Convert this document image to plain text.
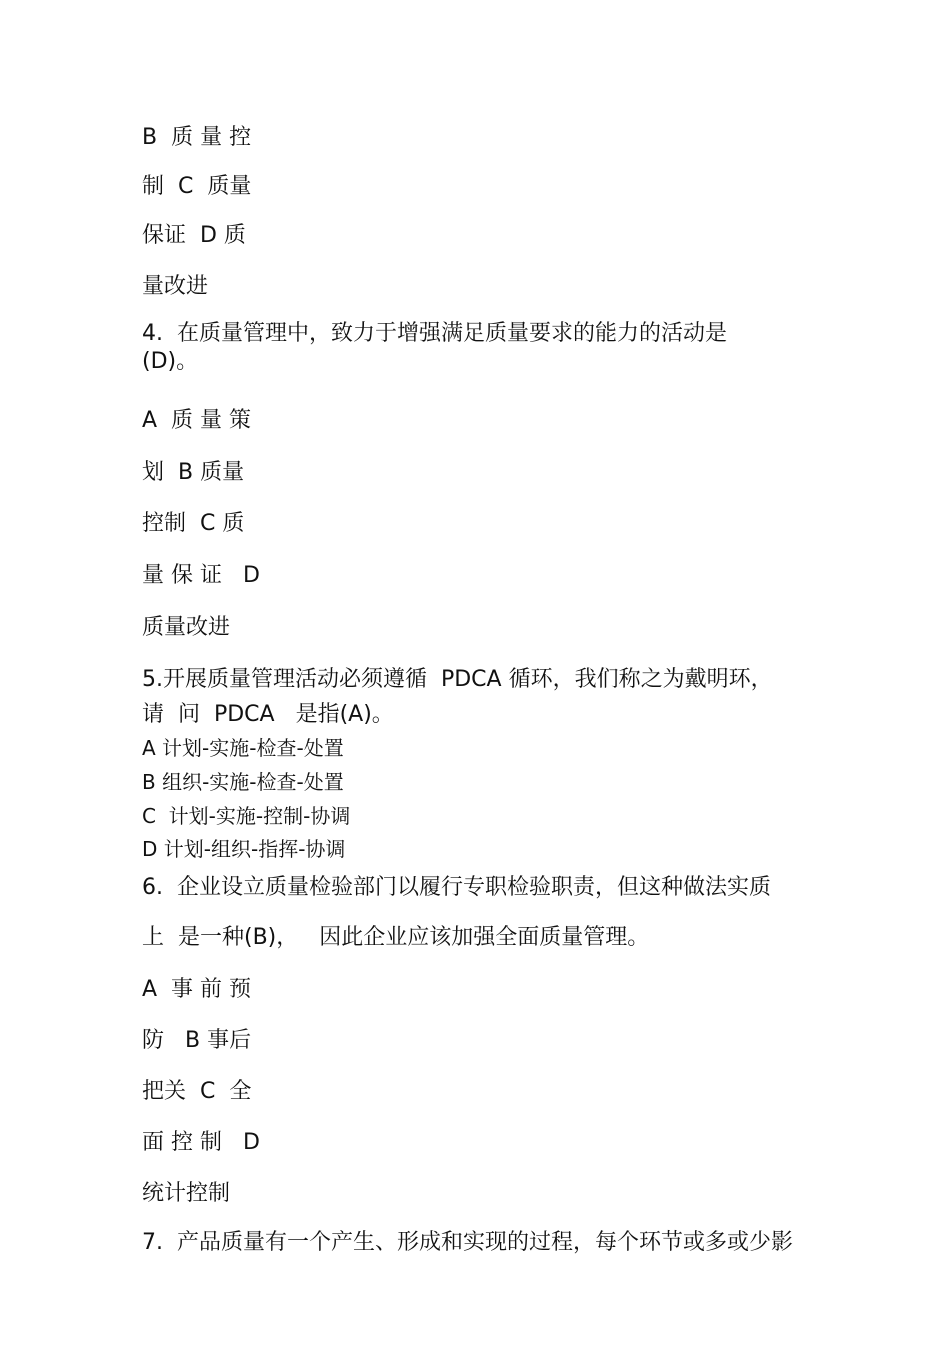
B  质 量 控
制  C  质量
保证  D 质
量改进
4.  在质量管理中，致力于增强满足质量要求的能力的活动是
(D)。
A  质 量 策
划  B 质量
控制  C 质
量 保 证   D
质量改进
5.开展质量管理活动必须遵循  PDCA 循环，我们称之为戴明环，
请  问  PDCA   是指(A)。
A 计划-实施-检查-处置
B 组织-实施-检查-处置
C  计划-实施-控制-协调
D 计划-组织-指挥-协调
6.  企业设立质量检验部门以履行专职检验职责，但这种做法实质
上  是一种(B)，   因此企业应该加强全面质量管理。
A  事 前 预
防   B 事后
把关  C  全
面 控 制   D
统计控制
7.  产品质量有一个产生、形成和实现的过程，每个环节或多或少影
